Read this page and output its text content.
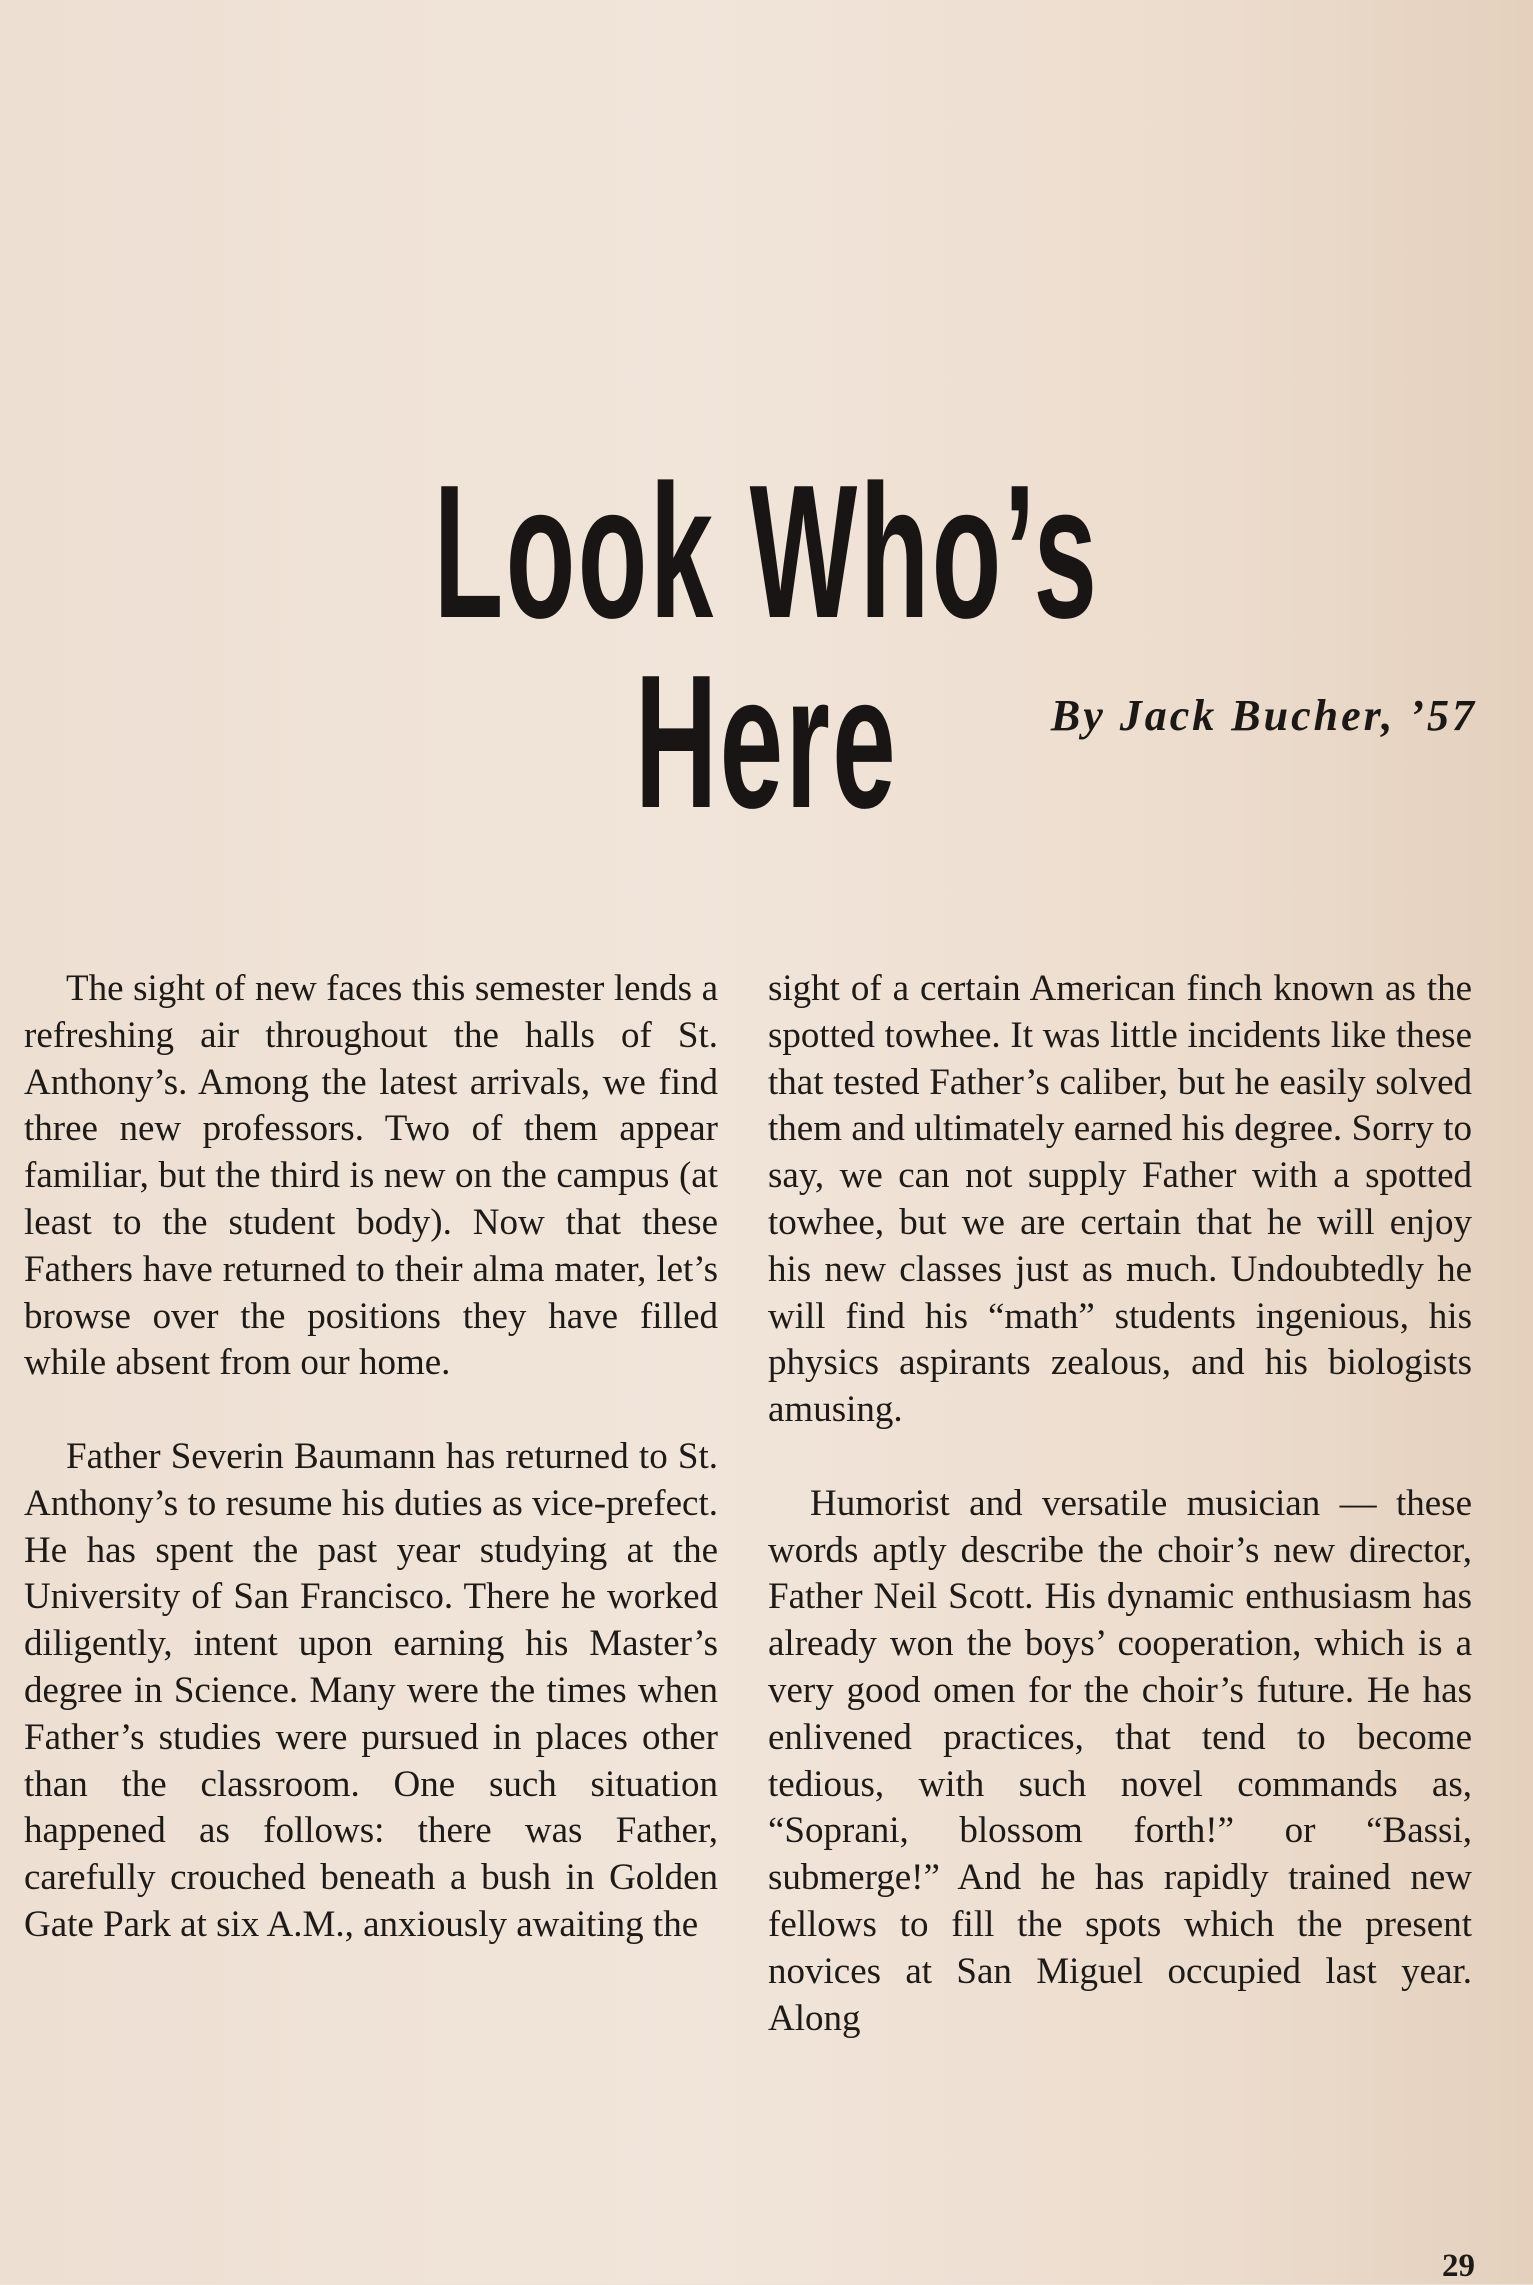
Look Who’s Here	By Jack Bucher, ’57

The sight of new faces this semester lends a refreshing air throughout the halls of St. Anthony’s. Among the latest arrivals, we find three new professors. Two of them appear familiar, but the third is new on the campus (at least to the student body). Now that these Fathers have returned to their alma mater, let’s browse over the positions they have filled while absent from our home.

Father Severin Baumann has returned to St. Anthony’s to resume his duties as vice-prefect. He has spent the past year studying at the University of San Francisco. There he worked diligently, intent upon earning his Master’s degree in Science. Many were the times when Father’s studies were pursued in places other than the classroom. One such situation happened as follows: there was Father, carefully crouched beneath a bush in Golden Gate Park at six A.M., anxiously awaiting the

sight of a certain American finch known as the spotted towhee. It was little incidents like these that tested Father’s caliber, but he easily solved them and ultimately earned his degree. Sorry to say, we can not supply Father with a spotted towhee, but we are certain that he will enjoy his new classes just as much. Undoubtedly he will find his “math” students ingenious, his physics aspirants zealous, and his biologists amusing.

Humorist and versatile musician — these words aptly describe the choir’s new director, Father Neil Scott. His dynamic enthusiasm has already won the boys’ cooperation, which is a very good omen for the choir’s future. He has enlivened practices, that tend to become tedious, with such novel commands as, “Soprani, blossom forth!” or “Bassi, submerge!” And he has rapidly trained new fellows to fill the spots which the present novices at San Miguel occupied last year. Along

29
